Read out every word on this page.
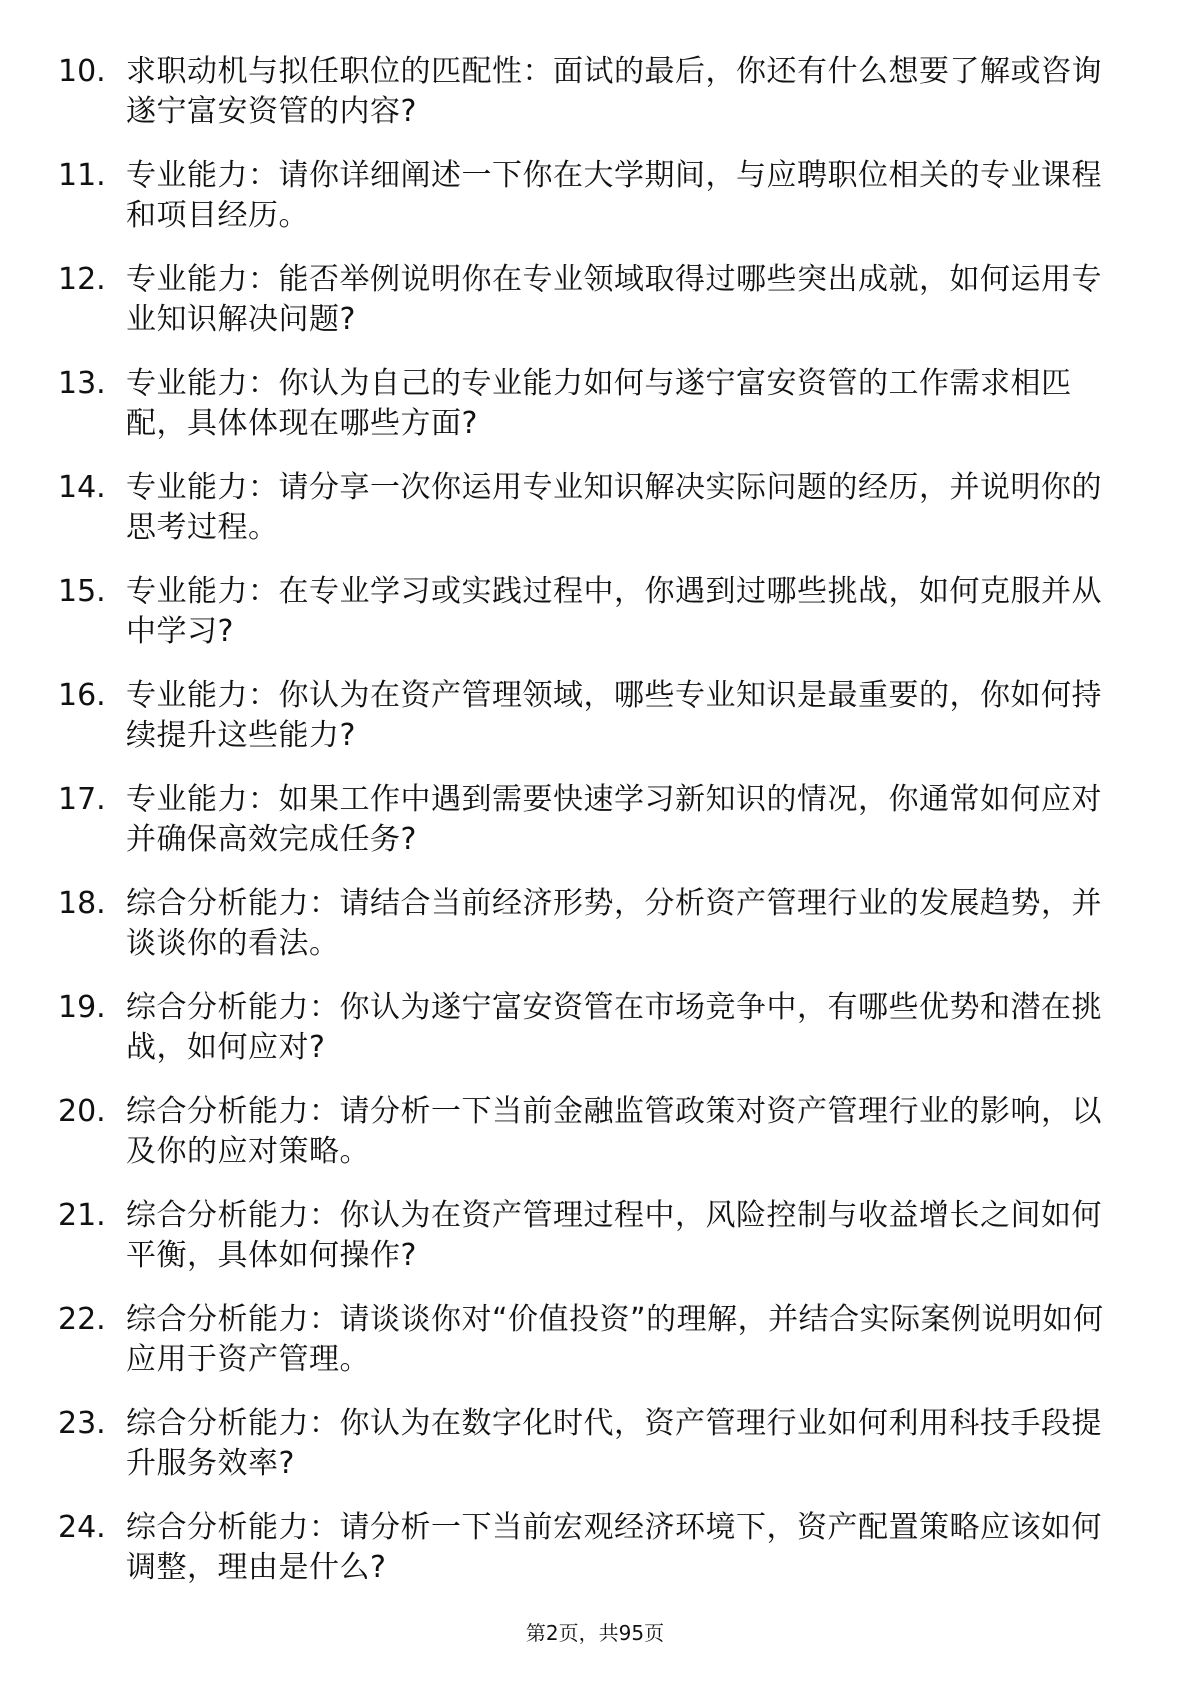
10. 求职动机与拟任职位的匹配性：面试的最后，你还有什么想要了解或咨询遂宁富安资管的内容?
11. 专业能力：请你详细阐述一下你在大学期间，与应聘职位相关的专业课程和项目经历。
12. 专业能力：能否举例说明你在专业领域取得过哪些突出成就，如何运用专业知识解决问题?
13. 专业能力：你认为自己的专业能力如何与遂宁富安资管的工作需求相匹配，具体体现在哪些方面?
14. 专业能力：请分享一次你运用专业知识解决实际问题的经历，并说明你的思考过程。
15. 专业能力：在专业学习或实践过程中，你遇到过哪些挑战，如何克服并从中学习?
16. 专业能力：你认为在资产管理领域，哪些专业知识是最重要的，你如何持续提升这些能力?
17. 专业能力：如果工作中遇到需要快速学习新知识的情况，你通常如何应对并确保高效完成任务?
18. 综合分析能力：请结合当前经济形势，分析资产管理行业的发展趋势，并谈谈你的看法。
19. 综合分析能力：你认为遂宁富安资管在市场竞争中，有哪些优势和潜在挑战，如何应对?
20. 综合分析能力：请分析一下当前金融监管政策对资产管理行业的影响，以及你的应对策略。
21. 综合分析能力：你认为在资产管理过程中，风险控制与收益增长之间如何平衡，具体如何操作?
22. 综合分析能力：请谈谈你对“价值投资”的理解，并结合实际案例说明如何应用于资产管理。
23. 综合分析能力：你认为在数字化时代，资产管理行业如何利用科技手段提升服务效率?
24. 综合分析能力：请分析一下当前宏观经济环境下，资产配置策略应该如何调整，理由是什么?
第2页，共95页
